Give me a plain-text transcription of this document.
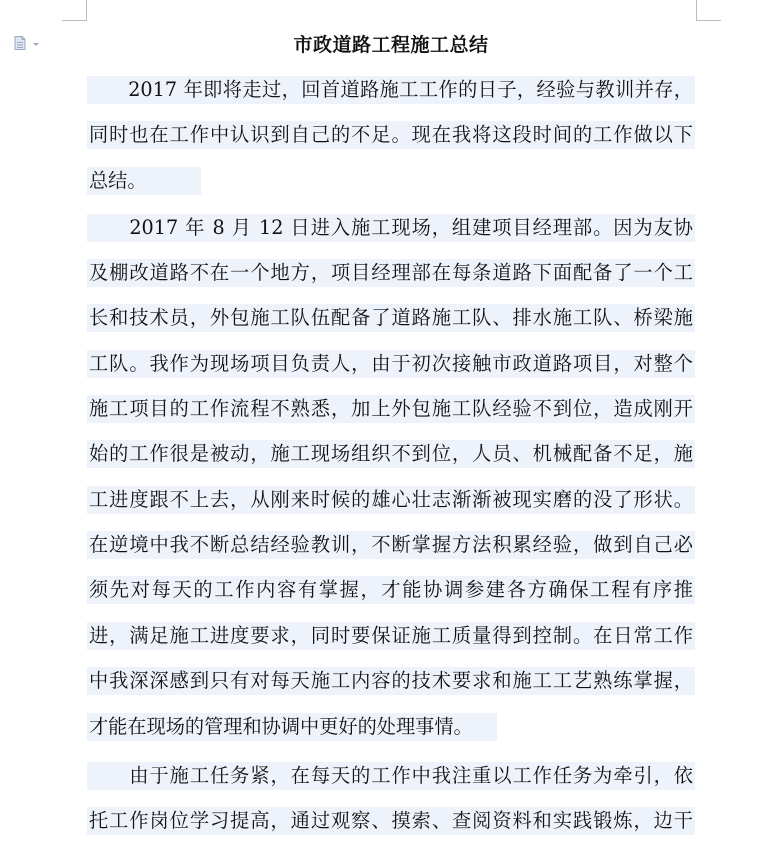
市政道路工程施工总结
　　2017 年即将走过，回首道路施工工作的日子，经验与教训并存，
同时也在工作中认识到自己的不足。现在我将这段时间的工作做以下
总结。
　　2017 年 8 月 12 日进入施工现场，组建项目经理部。因为友协
及棚改道路不在一个地方，项目经理部在每条道路下面配备了一个工
长和技术员，外包施工队伍配备了道路施工队、排水施工队、桥梁施
工队。我作为现场项目负责人，由于初次接触市政道路项目，对整个
施工项目的工作流程不熟悉，加上外包施工队经验不到位，造成刚开
始的工作很是被动，施工现场组织不到位，人员、机械配备不足，施
工进度跟不上去，从刚来时候的雄心壮志渐渐被现实磨的没了形状。
在逆境中我不断总结经验教训，不断掌握方法积累经验，做到自己必
须先对每天的工作内容有掌握，才能协调参建各方确保工程有序推
进，满足施工进度要求，同时要保证施工质量得到控制。在日常工作
中我深深感到只有对每天施工内容的技术要求和施工工艺熟练掌握，
才能在现场的管理和协调中更好的处理事情。
　　由于施工任务紧，在每天的工作中我注重以工作任务为牵引，依
托工作岗位学习提高，通过观察、摸索、查阅资料和实践锻炼，边干
